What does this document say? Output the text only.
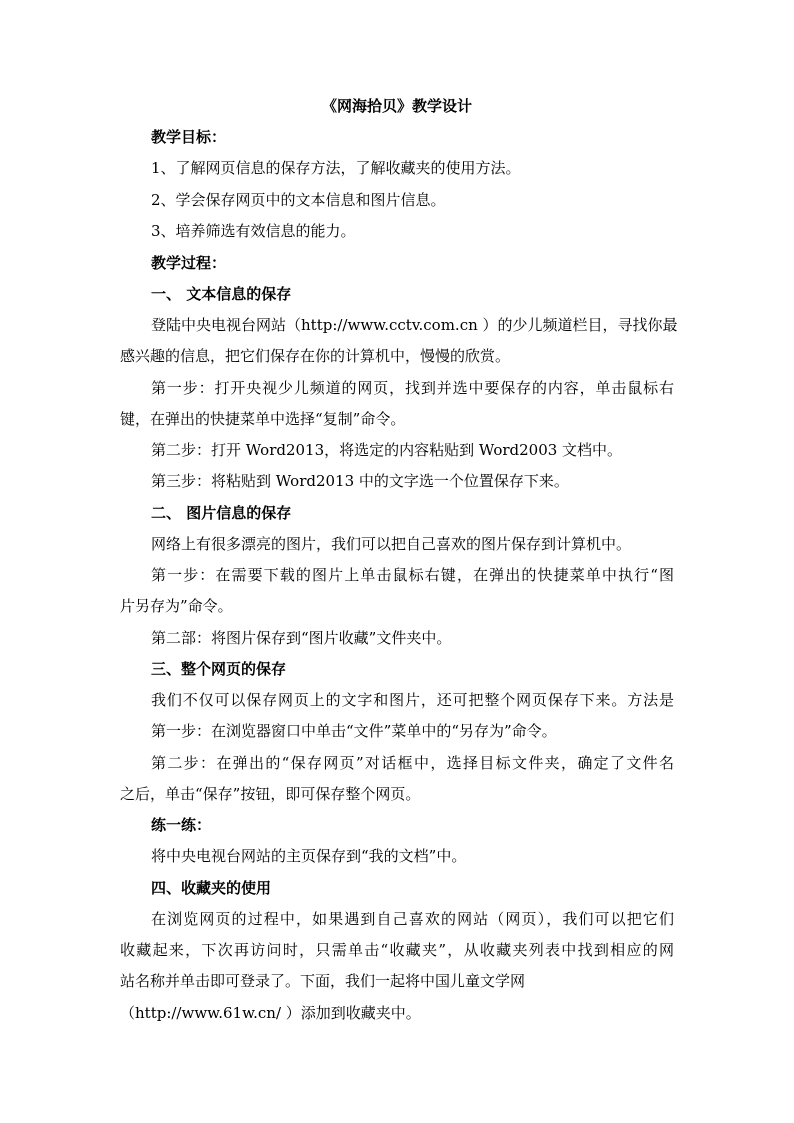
《网海拾贝》教学设计
教学目标：
1、了解网页信息的保存方法，了解收藏夹的使用方法。
2、学会保存网页中的文本信息和图片信息。
3、培养筛选有效信息的能力。
教学过程：
一、 文本信息的保存
登陆中央电视台网站（http://www.cctv.com.cn ）的少儿频道栏目，寻找你最
感兴趣的信息，把它们保存在你的计算机中，慢慢的欣赏。
第一步：打开央视少儿频道的网页，找到并选中要保存的内容，单击鼠标右
键，在弹出的快捷菜单中选择“复制”命令。
第二步：打开 Word2013，将选定的内容粘贴到 Word2003 文档中。
第三步：将粘贴到 Word2013 中的文字选一个位置保存下来。
二、 图片信息的保存
网络上有很多漂亮的图片，我们可以把自己喜欢的图片保存到计算机中。
第一步：在需要下载的图片上单击鼠标右键，在弹出的快捷菜单中执行“图
片另存为”命令。
第二部：将图片保存到“图片收藏”文件夹中。
三、整个网页的保存
我们不仅可以保存网页上的文字和图片，还可把整个网页保存下来。方法是
第一步：在浏览器窗口中单击“文件”菜单中的“另存为”命令。
第二步：在弹出的“保存网页”对话框中，选择目标文件夹，确定了文件名
之后，单击“保存”按钮，即可保存整个网页。
练一练：
将中央电视台网站的主页保存到“我的文档”中。
四、收藏夹的使用
在浏览网页的过程中，如果遇到自己喜欢的网站（网页），我们可以把它们
收藏起来，下次再访问时，只需单击“收藏夹”，从收藏夹列表中找到相应的网
站名称并单击即可登录了。下面，我们一起将中国儿童文学网
（http://www.61w.cn/ ）添加到收藏夹中。
